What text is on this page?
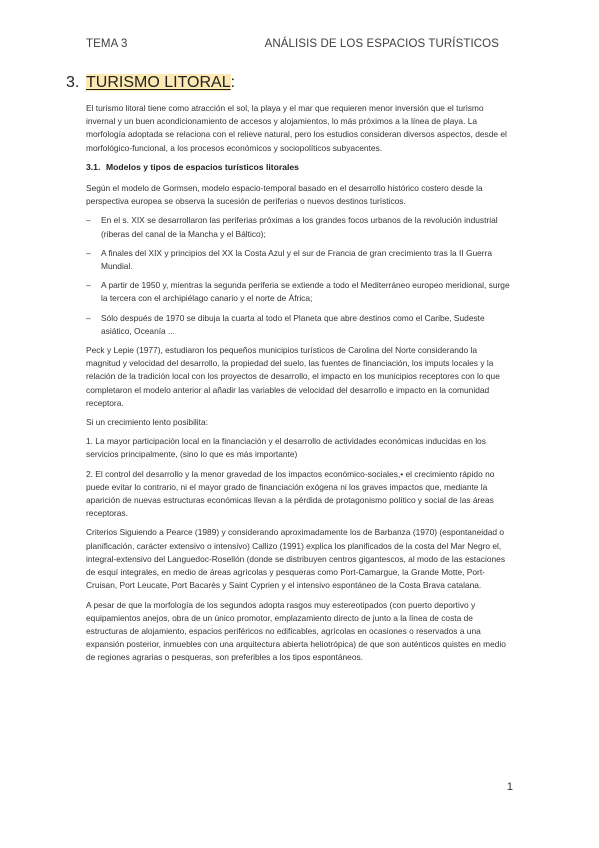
TEMA 3	ANÁLISIS DE LOS ESPACIOS TURÍSTICOS
3. TURISMO LITORAL:

El turismo litoral tiene como atracción el sol, la playa y el mar que requieren menor inversión que el turismo invernal y un buen acondicionamiento de accesos y alojamientos, lo más próximos a la línea de playa. La morfología adoptada se relaciona con el relieve natural, pero los estudios consideran diversos aspectos, desde el morfológico-funcional, a los procesos económicos y sociopolíticos subyacentes.

3.1. Modelos y tipos de espacios turísticos litorales

Según el modelo de Gormsen, modelo espacio-temporal basado en el desarrollo histórico costero desde la perspectiva europea se observa la sucesión de periferias o nuevos destinos turísticos.

– En el s. XIX se desarrollaron las periferias próximas a los grandes focos urbanos de la revolución industrial (riberas del canal de la Mancha y el Báltico);
– A finales del XIX y principios del XX la Costa Azul y el sur de Francia de gran crecimiento tras la II Guerra Mundial.
– A partir de 1950 y, mientras la segunda periferia se extiende a todo el Mediterráneo europeo meridional, surge la tercera con el archipiélago canario y el norte de África;
– Sólo después de 1970 se dibuja la cuarta al todo el Planeta que abre destinos como el Caribe, Sudeste asiático, Oceanía ...

Peck y Lepie (1977), estudiaron los pequeños municipios turísticos de Carolina del Norte considerando la magnitud y velocidad del desarrollo, la propiedad del suelo, las fuentes de financiación, los imputs locales y la relación de la tradición local con los proyectos de desarrollo, el impacto en los municipios receptores con lo que completaron el modelo anterior al añadir las variables de velocidad del desarrollo e impacto en la comunidad receptora.

Si un crecimiento lento posibilita:

1. La mayor participación local en la financiación y el desarrollo de actividades económicas inducidas en los servicios principalmente, (sino lo que es más importante)

2. El control del desarrollo y la menor gravedad de los impactos económico-sociales,• el crecimiento rápido no puede evitar lo contrario, ni el mayor grado de financiación exógena ni los graves impactos que, mediante la aparición de nuevas estructuras económicas llevan a la pérdida de protagonismo político y social de las áreas receptoras.

Criterios Siguiendo a Pearce (1989) y considerando aproximadamente los de Barbanza (1970) (espontaneidad o planificación, carácter extensivo o intensivo) Callizo (1991) explica los planificados de la costa del Mar Negro el, integral-extensivo del Languedoc-Rosellón (donde se distribuyen centros gigantescos, al modo de las estaciones de esquí integrales, en medio de áreas agrícolas y pesqueras como Port-Camargue, la Grande Motte, Port-Cruisan, Port Leucate, Port Bacarès y Saint Cyprien y el intensivo espontáneo de la Costa Brava catalana.

A pesar de que la morfología de los segundos adopta rasgos muy estereotipados (con puerto deportivo y equipamientos anejos, obra de un único promotor, emplazamiento directo de junto a la línea de costa de estructuras de alojamiento, espacios periféricos no edificables, agrícolas en ocasiones o reservados a una expansión posterior, inmuebles con una arquitectura abierta heliotrópica) de que son auténticos quistes en medio de regiones agrarias o pesqueras, son preferibles a los tipos espontáneos.

1
